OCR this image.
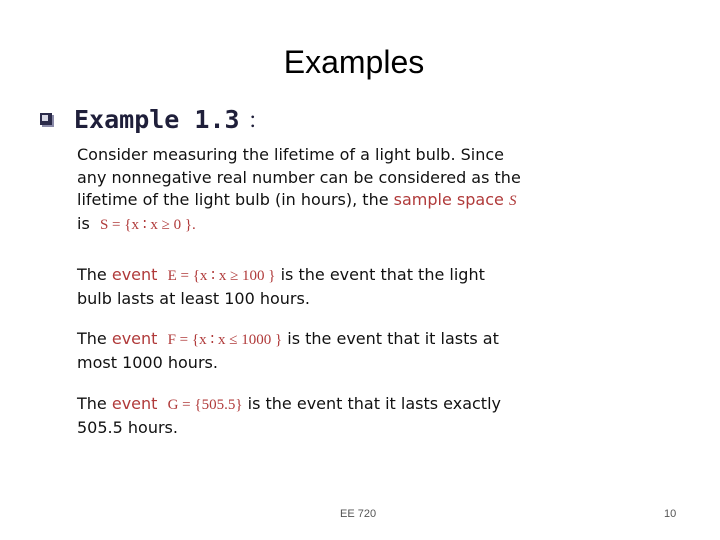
Examples
Example 1.3 ：
Consider measuring the lifetime of a light bulb. Since
any nonnegative real number can be considered as the
lifetime of the light bulb (in hours), the sample space S
is S = {x ∶ x ≥ 0 }.
The event E = {x ∶ x ≥ 100 } is the event that the light
bulb lasts at least 100 hours.
The event F = {x ∶ x ≤ 1000 } is the event that it lasts at
most 1000 hours.
The event G = {505.5} is the event that it lasts exactly
505.5 hours.
EE 720	10
